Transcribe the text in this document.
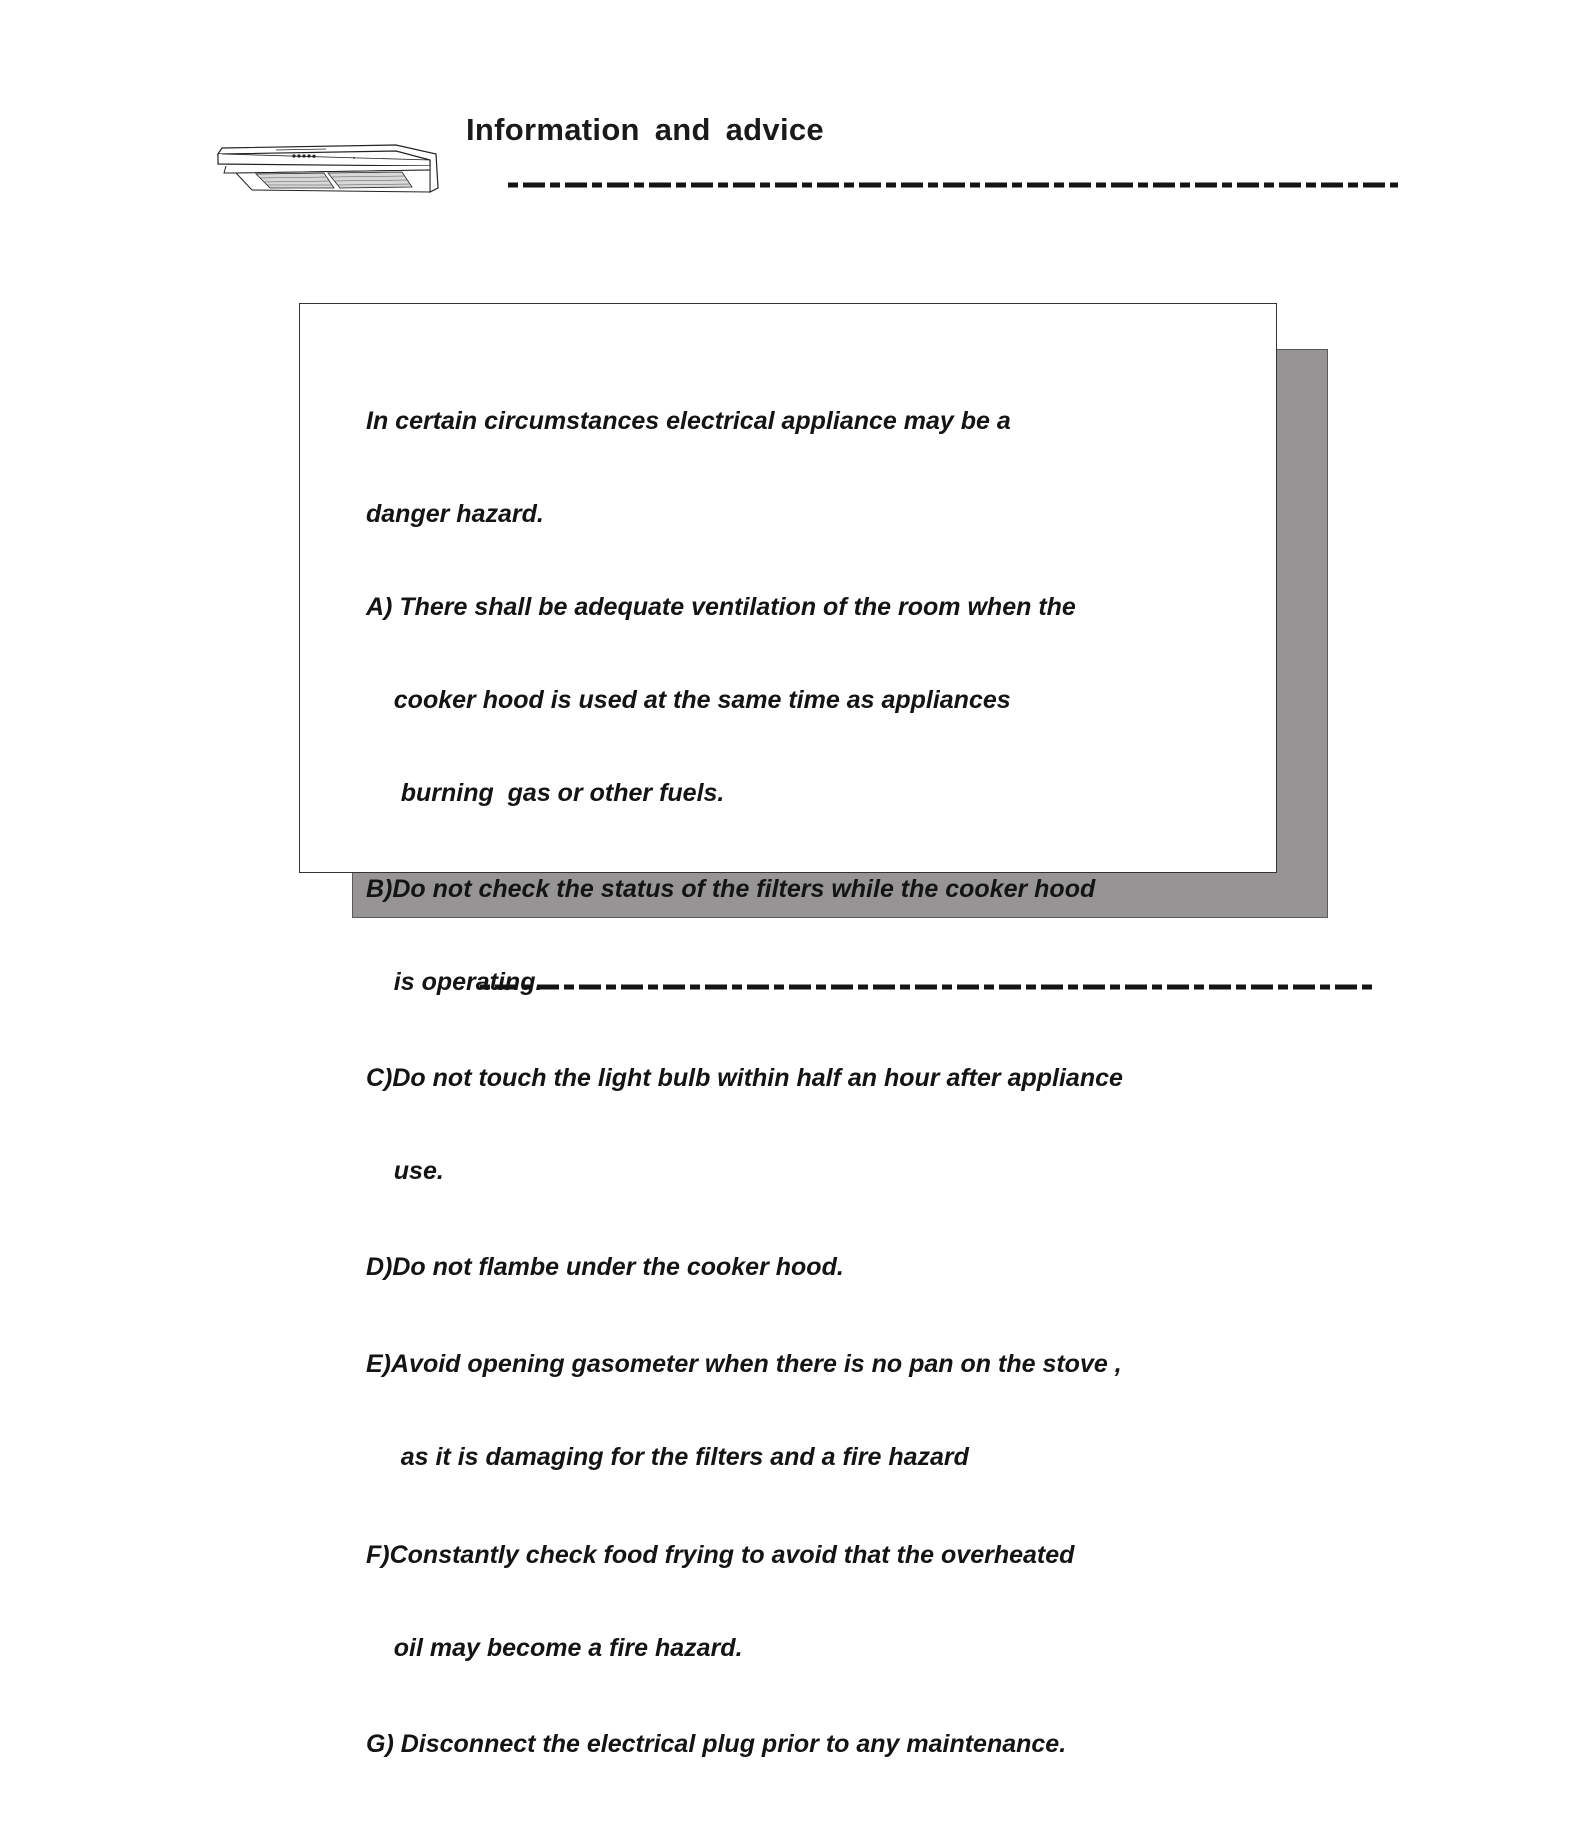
Information and advice

In certain circumstances electrical appliance may be a

danger hazard.

A) There shall be adequate ventilation of the room when the

cooker hood is used at the same time as appliances

burning  gas or other fuels.

B)Do not check the status of the filters while the cooker hood

is operating.

C)Do not touch the light bulb within half an hour after appliance

use.

D)Do not flambe under the cooker hood.

E)Avoid opening gasometer when there is no pan on the stove ,

as it is damaging for the filters and a fire hazard

F)Constantly check food frying to avoid that the overheated

oil may become a fire hazard.

G) Disconnect the electrical plug prior to any maintenance.
